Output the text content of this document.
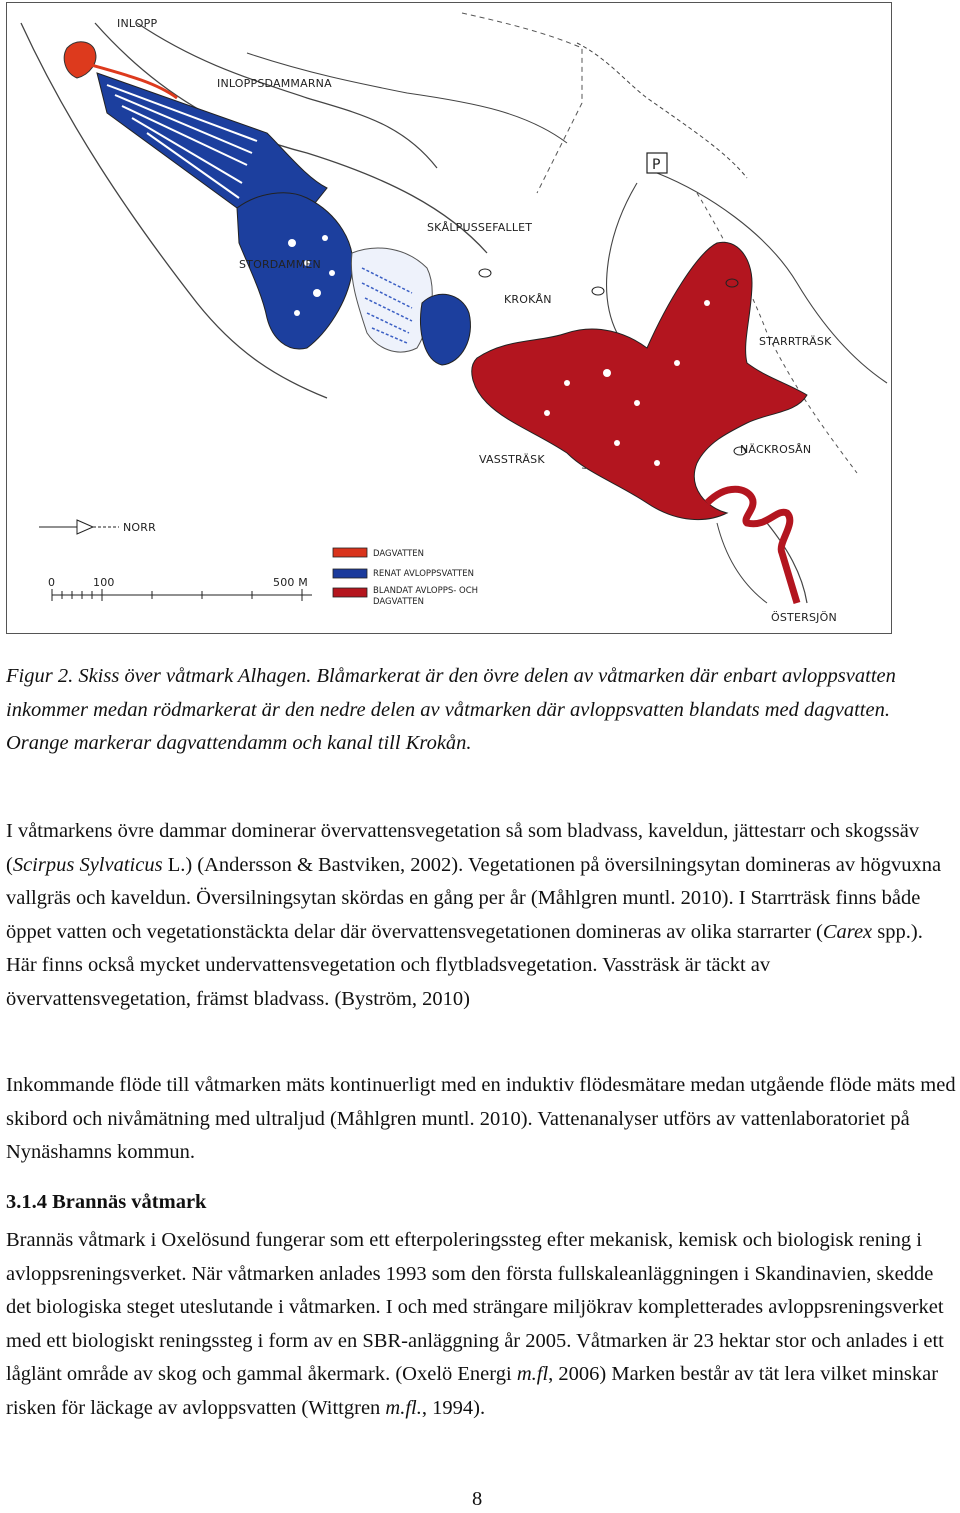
P
INLOPP
INLOPPSDAMMARNA
SKÅLPUSSEFALLET
STORDAMMEN
KROKÅN
STARRTRÄSK
VASSTRÄSK
NÄCKROSÅN
ÖSTERSJÖN
NORR
0	100	500 M
DAGVATTEN
RENAT AVLOPPSVATTEN
BLANDAT AVLOPPS- OCH
DAGVATTEN
Figur 2. Skiss över våtmark Alhagen. Blåmarkerat är den övre delen av våtmarken där enbart avloppsvatten inkommer medan rödmarkerat är den nedre delen av våtmarken där avloppsvatten blandats med dagvatten. Orange markerar dagvattendamm och kanal till Krokån.
I våtmarkens övre dammar dominerar övervattensvegetation så som bladvass, kaveldun, jättestarr och skogssäv (Scirpus Sylvaticus L.) (Andersson & Bastviken, 2002). Vegetationen på översilningsytan domineras av högvuxna vallgräs och kaveldun. Översilningsytan skördas en gång per år (Måhlgren muntl. 2010). I Starrträsk finns både öppet vatten och vegetationstäckta delar där övervattensvegetationen domineras av olika starrarter (Carex spp.). Här finns också mycket undervattensvegetation och flytbladsvegetation. Vassträsk är täckt av övervattensvegetation, främst bladvass. (Byström, 2010)
Inkommande flöde till våtmarken mäts kontinuerligt med en induktiv flödesmätare medan utgående flöde mäts med skibord och nivåmätning med ultraljud (Måhlgren muntl. 2010). Vattenanalyser utförs av vattenlaboratoriet på Nynäshamns kommun.
3.1.4 Brannäs våtmark
Brannäs våtmark i Oxelösund fungerar som ett efterpoleringssteg efter mekanisk, kemisk och biologisk rening i avloppsreningsverket. När våtmarken anlades 1993 som den första fullskaleanläggningen i Skandinavien, skedde det biologiska steget uteslutande i våtmarken. I och med strängare miljökrav kompletterades avloppsreningsverket med ett biologiskt reningssteg i form av en SBR-anläggning år 2005. Våtmarken är 23 hektar stor och anlades i ett låglänt område av skog och gammal åkermark. (Oxelö Energi m.fl, 2006) Marken består av tät lera vilket minskar risken för läckage av avloppsvatten (Wittgren m.fl., 1994).
8
